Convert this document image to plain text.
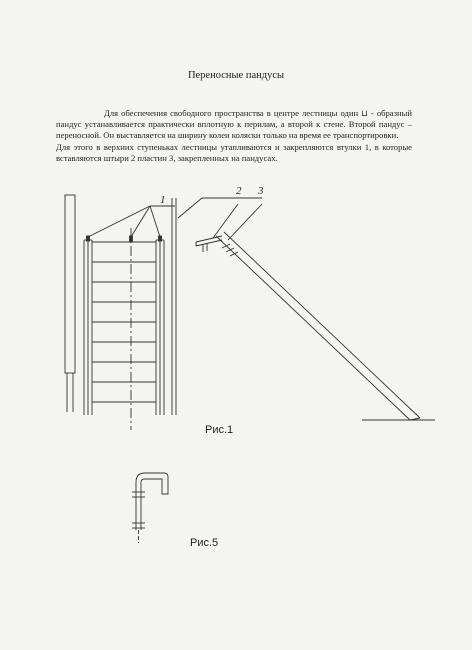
Переносные пандусы

Для обеспечения свободного пространства в центре лестницы один ⊔ - образный пандус устанавливается практически вплотную к перилам, а второй к стене. Второй пандус – переносной. Он выставляется на ширину колеи коляски только на время ее транспортировки.

Для этого в верхних ступеньках лестницы утапливаются и закрепляются втулки 1, в которые вставляются штыри 2 пластин 3, закрепленных на пандусах.

1
2 3
Рис.1
Рис.5
